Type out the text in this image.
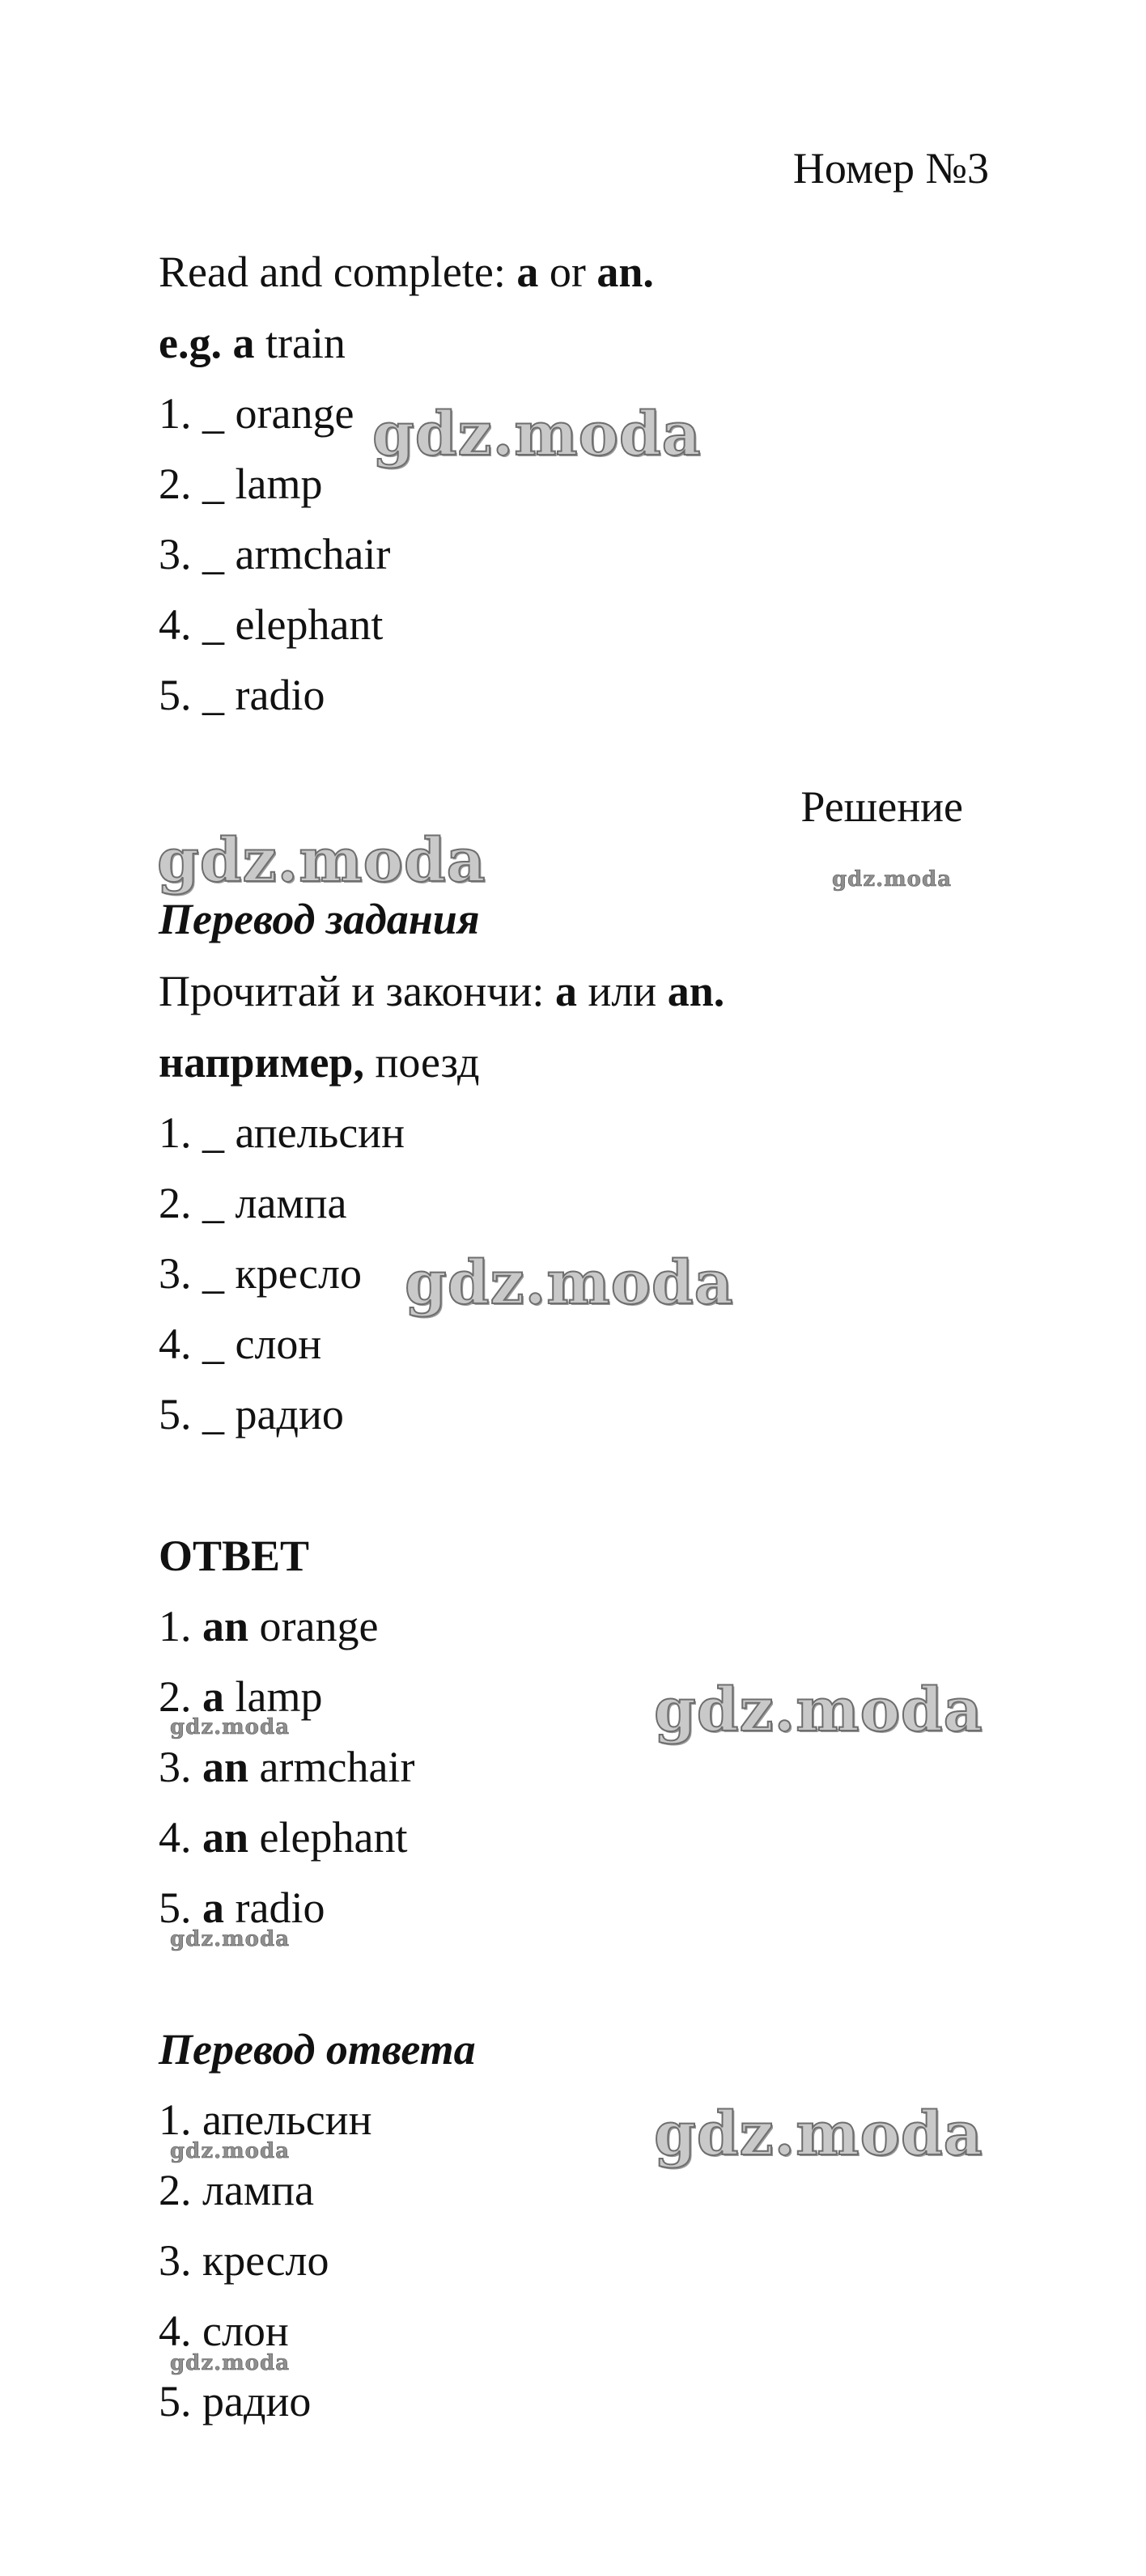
Номер №3
Read and complete: a or an.
e.g. a train
1. _ orange
2. _ lamp
3. _ armchair
4. _ elephant
5. _ radio
Решение
Перевод задания
Прочитай и закончи: a или an.
например, поезд
1. _ апельсин
2. _ лампа
3. _ кресло
4. _ слон
5. _ радио
ОТВЕТ
1. an orange
2. a lamp
3. an armchair
4. an elephant
5. a radio
Перевод ответа
1. апельсин
2. лампа
3. кресло
4. слон
5. радио
gdz.moda
gdz.moda	gdz.moda
gdz.moda
gdz.moda
gdz.moda
gdz.moda
gdz.moda
gdz.moda
gdz.moda
